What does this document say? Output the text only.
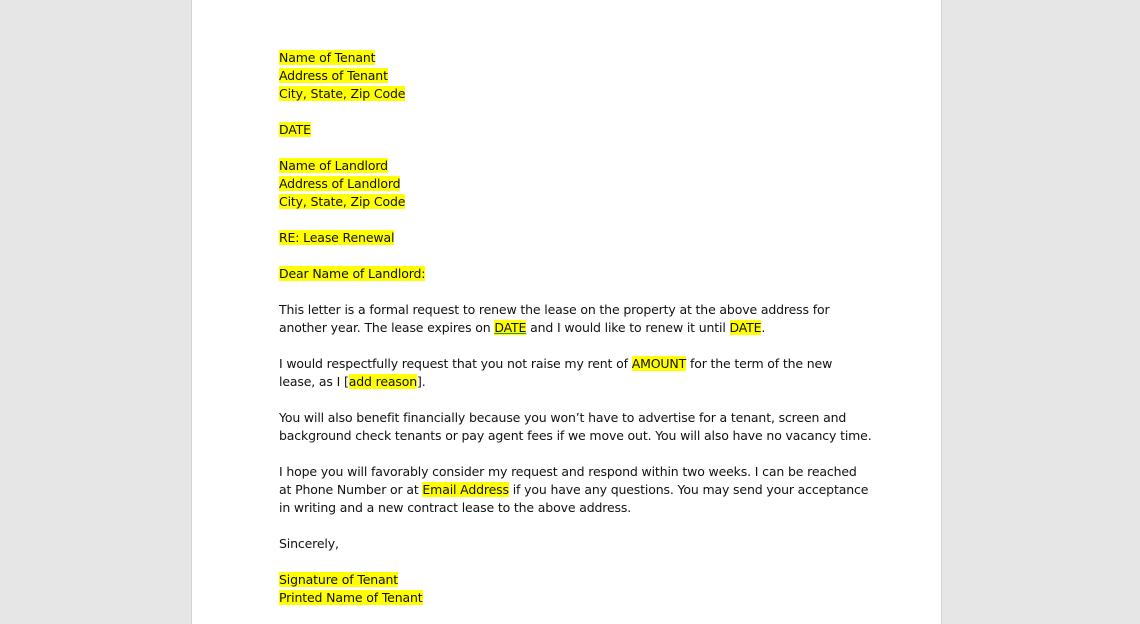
Name of Tenant
Address of Tenant
City, State, Zip Code
DATE
Name of Landlord
Address of Landlord
City, State, Zip Code
RE: Lease Renewal
Dear Name of Landlord:
This letter is a formal request to renew the lease on the property at the above address for
another year. The lease expires on DATE and I would like to renew it until DATE.
I would respectfully request that you not raise my rent of AMOUNT for the term of the new
lease, as I [add reason].
You will also benefit financially because you won’t have to advertise for a tenant, screen and
background check tenants or pay agent fees if we move out. You will also have no vacancy time.
I hope you will favorably consider my request and respond within two weeks. I can be reached
at Phone Number or at Email Address if you have any questions. You may send your acceptance
in writing and a new contract lease to the above address.
Sincerely,
Signature of Tenant
Printed Name of Tenant
